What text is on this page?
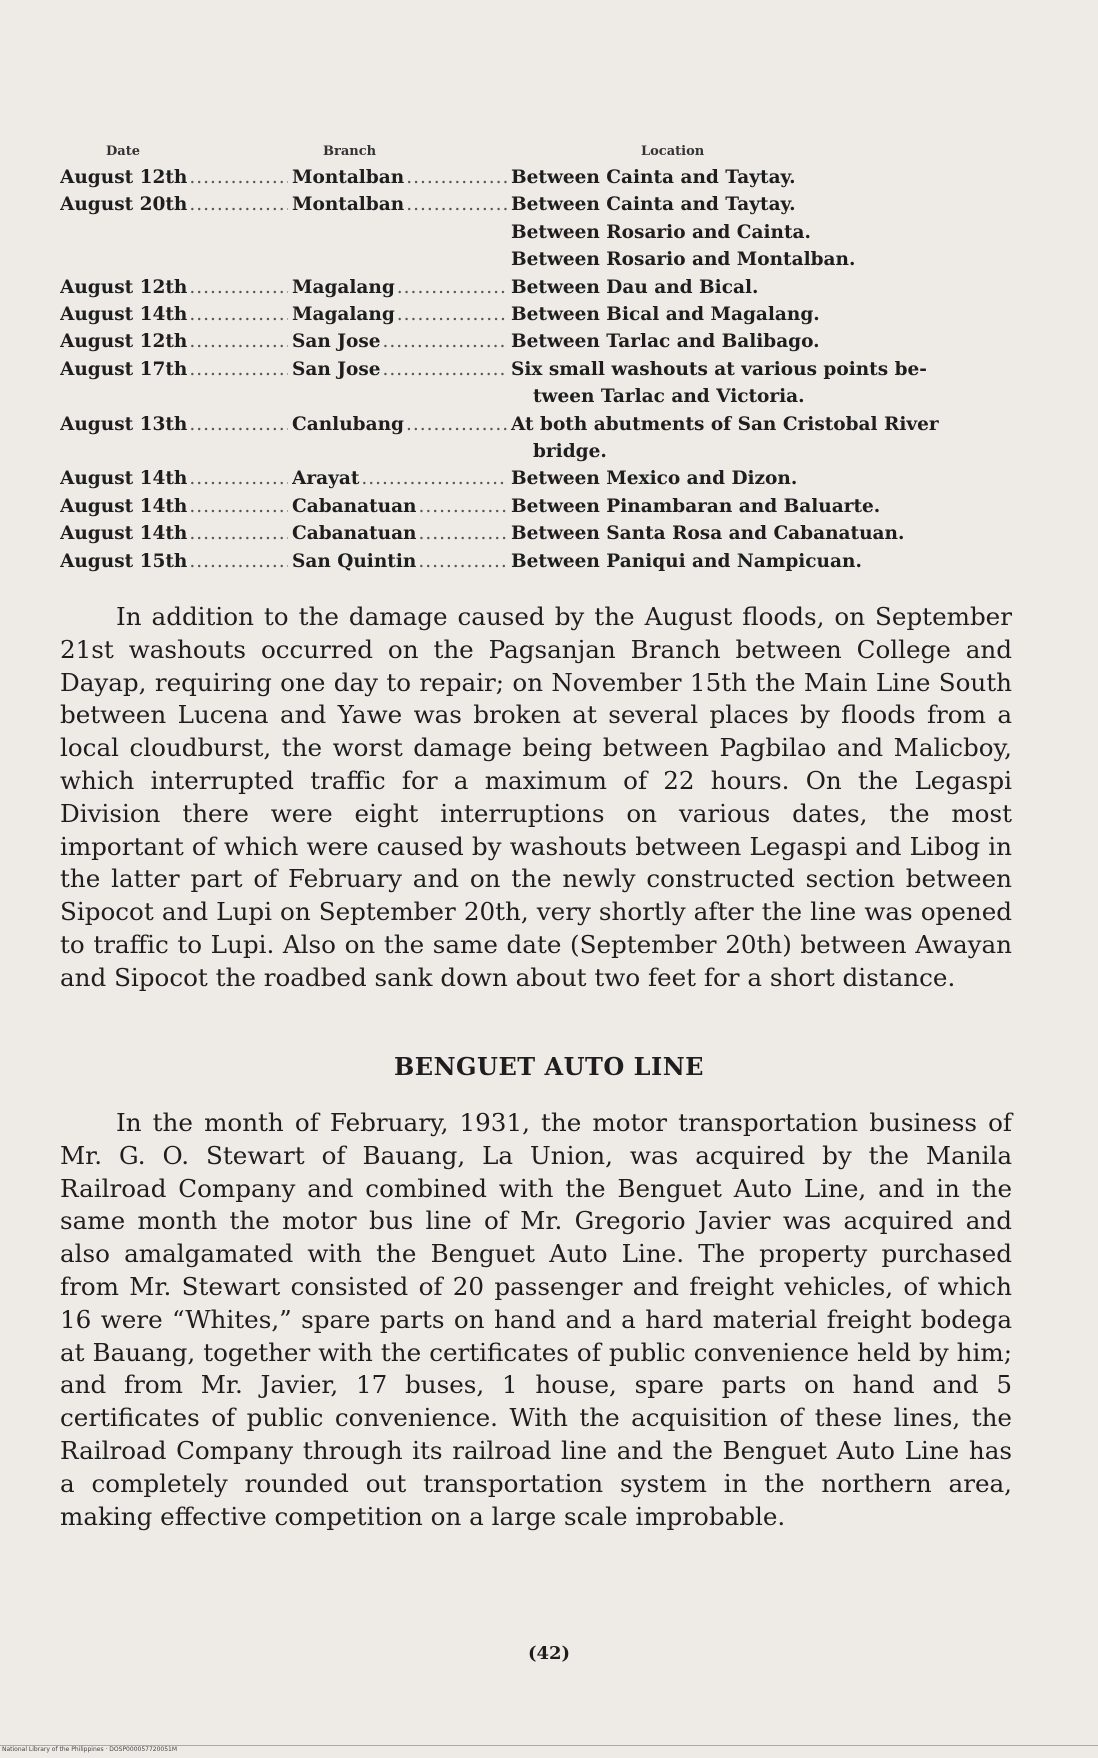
Date	Branch	Location
August 12th .....	Montalban .....	Between Cainta and Taytay.
August 20th .....	Montalban .....	Between Cainta and Taytay.
Between Rosario and Cainta.
Between Rosario and Montalban.
August 12th .....	Magalang .....	Between Dau and Bical.
August 14th .....	Magalang .....	Between Bical and Magalang.
August 12th .....	San Jose .....	Between Tarlac and Balibago.
August 17th .....	San Jose .....	Six small washouts at various points be-
tween Tarlac and Victoria.
August 13th .....	Canlubang .....	At both abutments of San Cristobal River
bridge.
August 14th .....	Arayat .....	Between Mexico and Dizon.
August 14th .....	Cabanatuan .....	Between Pinambaran and Baluarte.
August 14th .....	Cabanatuan .....	Between Santa Rosa and Cabanatuan.
August 15th .....	San Quintin .....	Between Paniqui and Nampicuan.

In addition to the damage caused by the August floods, on September 21st washouts occurred on the Pagsanjan Branch between College and Dayap, requiring one day to repair; on November 15th the Main Line South between Lucena and Yawe was broken at several places by floods from a local cloudburst, the worst damage being between Pagbilao and Malicboy, which interrupted traffic for a maximum of 22 hours. On the Legaspi Division there were eight interruptions on various dates, the most important of which were caused by washouts between Legaspi and Libog in the latter part of February and on the newly constructed section between Sipocot and Lupi on September 20th, very shortly after the line was opened to traffic to Lupi. Also on the same date (September 20th) between Awayan and Sipocot the roadbed sank down about two feet for a short distance.

BENGUET AUTO LINE

In the month of February, 1931, the motor transportation business of Mr. G. O. Stewart of Bauang, La Union, was acquired by the Manila Railroad Company and combined with the Benguet Auto Line, and in the same month the motor bus line of Mr. Gregorio Javier was acquired and also amalgamated with the Benguet Auto Line. The property purchased from Mr. Stewart consisted of 20 passenger and freight vehicles, of which 16 were “Whites,” spare parts on hand and a hard material freight bodega at Bauang, together with the certificates of public convenience held by him; and from Mr. Javier, 17 buses, 1 house, spare parts on hand and 5 certificates of public convenience. With the acquisition of these lines, the Railroad Company through its railroad line and the Benguet Auto Line has a completely rounded out transportation system in the northern area, making effective competition on a large scale improbable.

(42)
National Library of the Philippines · DOSP000057720051M
